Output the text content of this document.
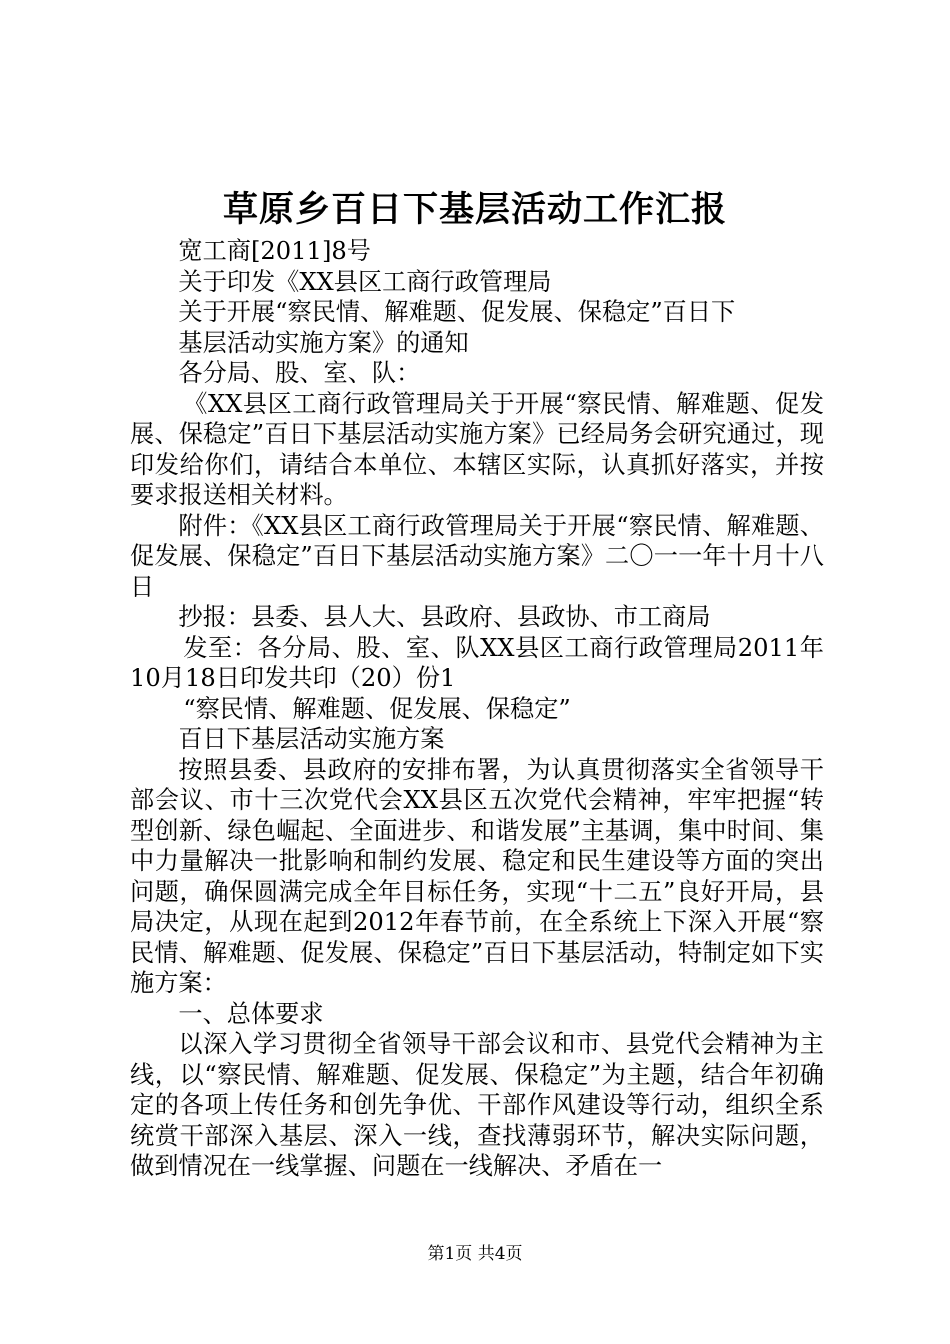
草原乡百日下基层活动工作汇报

宽工商[2011]8号

关于印发《XX县区工商行政管理局

关于开展“察民情、解难题、促发展、保稳定”百日下

基层活动实施方案》的通知

各分局、股、室、队：

《XX县区工商行政管理局关于开展“察民情、解难题、促发展、保稳定”百日下基层活动实施方案》已经局务会研究通过，现印发给你们，请结合本单位、本辖区实际，认真抓好落实，并按要求报送相关材料。

附件：《XX县区工商行政管理局关于开展“察民情、解难题、促发展、保稳定”百日下基层活动实施方案》二〇一一年十月十八日

抄报：县委、县人大、县政府、县政协、市工商局

发至：各分局、股、室、队XX县区工商行政管理局2011年10月18日印发共印（20）份1

“察民情、解难题、促发展、保稳定”

百日下基层活动实施方案

按照县委、县政府的安排布署，为认真贯彻落实全省领导干部会议、市十三次党代会XX县区五次党代会精神，牢牢把握“转型创新、绿色崛起、全面进步、和谐发展”主基调，集中时间、集中力量解决一批影响和制约发展、稳定和民生建设等方面的突出问题，确保圆满完成全年目标任务，实现“十二五”良好开局，县局决定，从现在起到2012年春节前，在全系统上下深入开展“察民情、解难题、促发展、保稳定”百日下基层活动，特制定如下实施方案：

一、总体要求

以深入学习贯彻全省领导干部会议和市、县党代会精神为主线，以“察民情、解难题、促发展、保稳定”为主题，结合年初确定的各项上传任务和创先争优、干部作风建设等行动，组织全系统赏干部深入基层、深入一线，查找薄弱环节，解决实际问题，做到情况在一线掌握、问题在一线解决、矛盾在一

第1页 共4页
